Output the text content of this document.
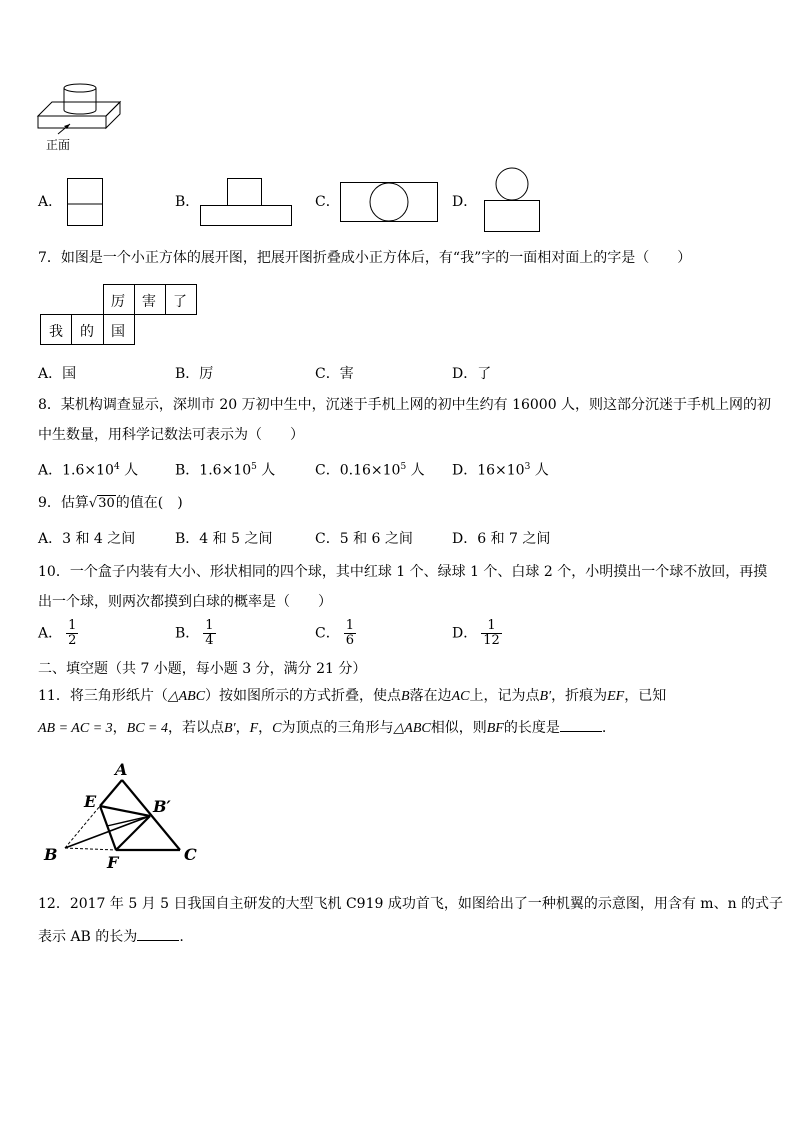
正面
A．	B．	C．	D．
7．如图是一个小正方体的展开图，把展开图折叠成小正方体后，有“我”字的一面相对面上的字是（　　）
厉 害 了
我 的 国
A．国	B．厉	C．害	D．了
8．某机构调查显示，深圳市 20 万初中生中，沉迷于手机上网的初中生约有 16000 人，则这部分沉迷于手机上网的初
中生数量，用科学记数法可表示为（　　）
A．$1.6\times 10^4$ 人	B．$1.6\times 10^5$ 人	C．$0.16\times 10^5$ 人 D．$16\times 10^3$ 人
9．估算√30的值在(　)
A．3 和 4 之间	B．4 和 5 之间	C．5 和 6 之间	D．6 和 7 之间
10．一个盒子内装有大小、形状相同的四个球，其中红球 1 个、绿球 1 个、白球 2 个，小明摸出一个球不放回，再摸
出一个球，则两次都摸到白球的概率是（　　）
A． $\frac{1}{2}$	B． $\frac{1}{4}$	C． $\frac{1}{6}$	D． $\frac{1}{12}$
二、填空题（共 7 小题，每小题 3 分，满分 21 分）
11．将三角形纸片（△ABC）按如图所示的方式折叠，使点B落在边AC上，记为点B′，折痕为EF，已知
AB = AC = 3，BC = 4，若以点B′，F，C为顶点的三角形与△ABC相似，则BF的长度是	.
A
E	B′
B	F	C
12．2017 年 5 月 5 日我国自主研发的大型飞机 C919 成功首飞，如图给出了一种机翼的示意图，用含有 m、n 的式子
表示 AB 的长为	.
